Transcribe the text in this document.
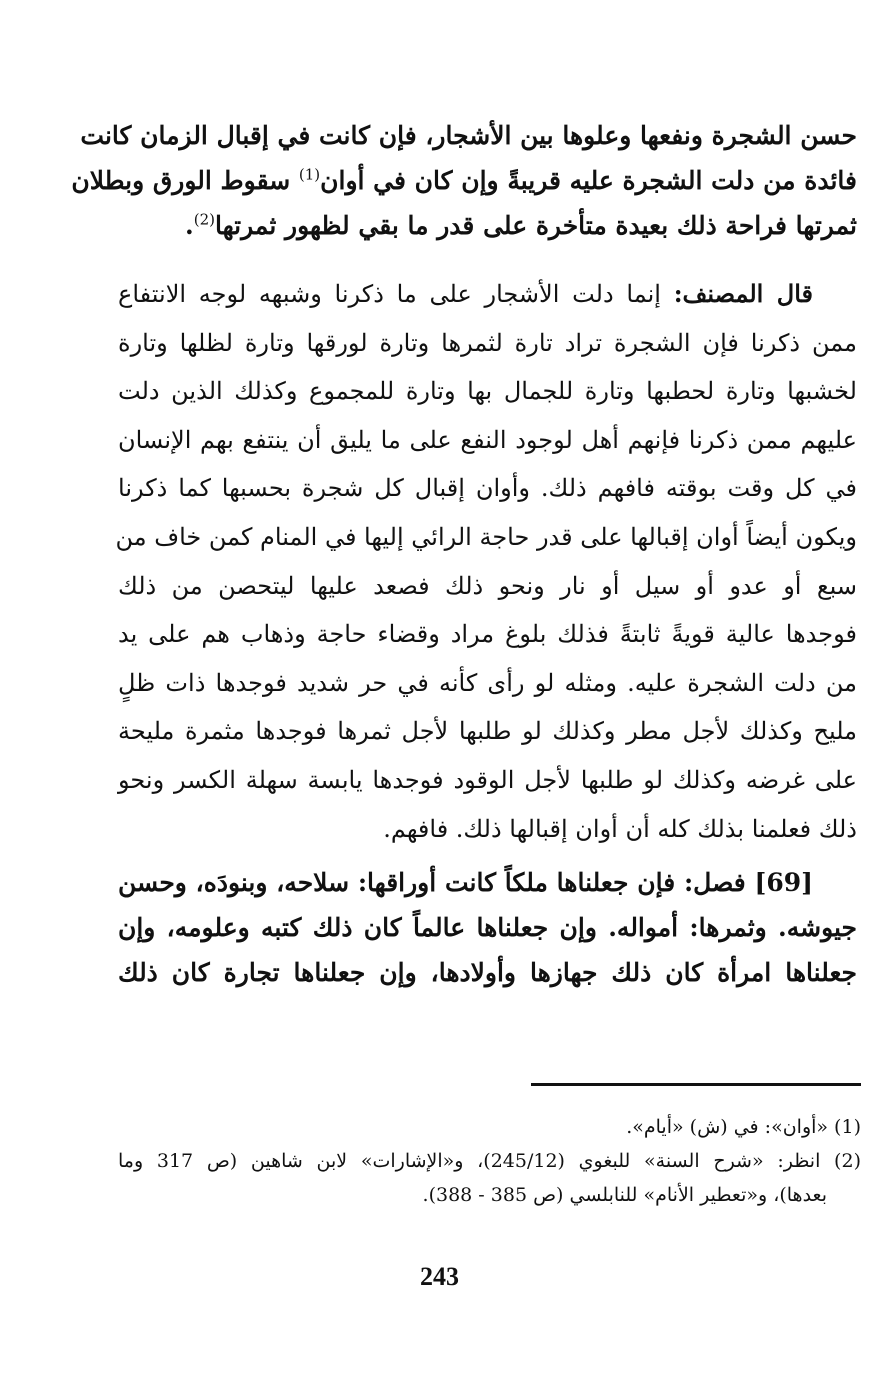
حسن الشجرة ونفعها وعلوها بين الأشجار، فإن كانت في إقبال الزمان كانت
فائدة من دلت الشجرة عليه قريبةً وإن كان في أوان$^{(1)}$ سقوط الورق وبطلان
ثمرتها فراحة ذلك بعيدة متأخرة على قدر ما بقي لظهور ثمرتها$^{(2)}$.
قال المصنف: إنما دلت الأشجار على ما ذكرنا وشبهه لوجه الانتفاع
ممن ذكرنا فإن الشجرة تراد تارة لثمرها وتارة لورقها وتارة لظلها وتارة
لخشبها وتارة لحطبها وتارة للجمال بها وتارة للمجموع وكذلك الذين دلت
عليهم ممن ذكرنا فإنهم أهل لوجود النفع على ما يليق أن ينتفع بهم الإنسان
في كل وقت بوقته فافهم ذلك. وأوان إقبال كل شجرة بحسبها كما ذكرنا
ويكون أيضاً أوان إقبالها على قدر حاجة الرائي إليها في المنام كمن خاف من
سبع أو عدو أو سيل أو نار ونحو ذلك فصعد عليها ليتحصن من ذلك
فوجدها عالية قويةً ثابتةً فذلك بلوغ مراد وقضاء حاجة وذهاب هم على يد
من دلت الشجرة عليه. ومثله لو رأى كأنه في حر شديد فوجدها ذات ظلٍ
مليح وكذلك لأجل مطر وكذلك لو طلبها لأجل ثمرها فوجدها مثمرة مليحة
على غرضه وكذلك لو طلبها لأجل الوقود فوجدها يابسة سهلة الكسر ونحو
ذلك فعلمنا بذلك كله أن أوان إقبالها ذلك. فافهم.
[69] فصل: فإن جعلناها ملكاً كانت أوراقها: سلاحه، وبنودَه، وحسن
جيوشه. وثمرها: أمواله. وإن جعلناها عالماً كان ذلك كتبه وعلومه، وإن
جعلناها امرأة كان ذلك جهازها وأولادها، وإن جعلناها تجارة كان ذلك
(1) «أوان»: في (ش) «أيام».
(2) انظر: «شرح السنة» للبغوي (245/12)، و«الإشارات» لابن شاهين (ص 317 وما
بعدها)، و«تعطير الأنام» للنابلسي (ص 385 - 388).
243
